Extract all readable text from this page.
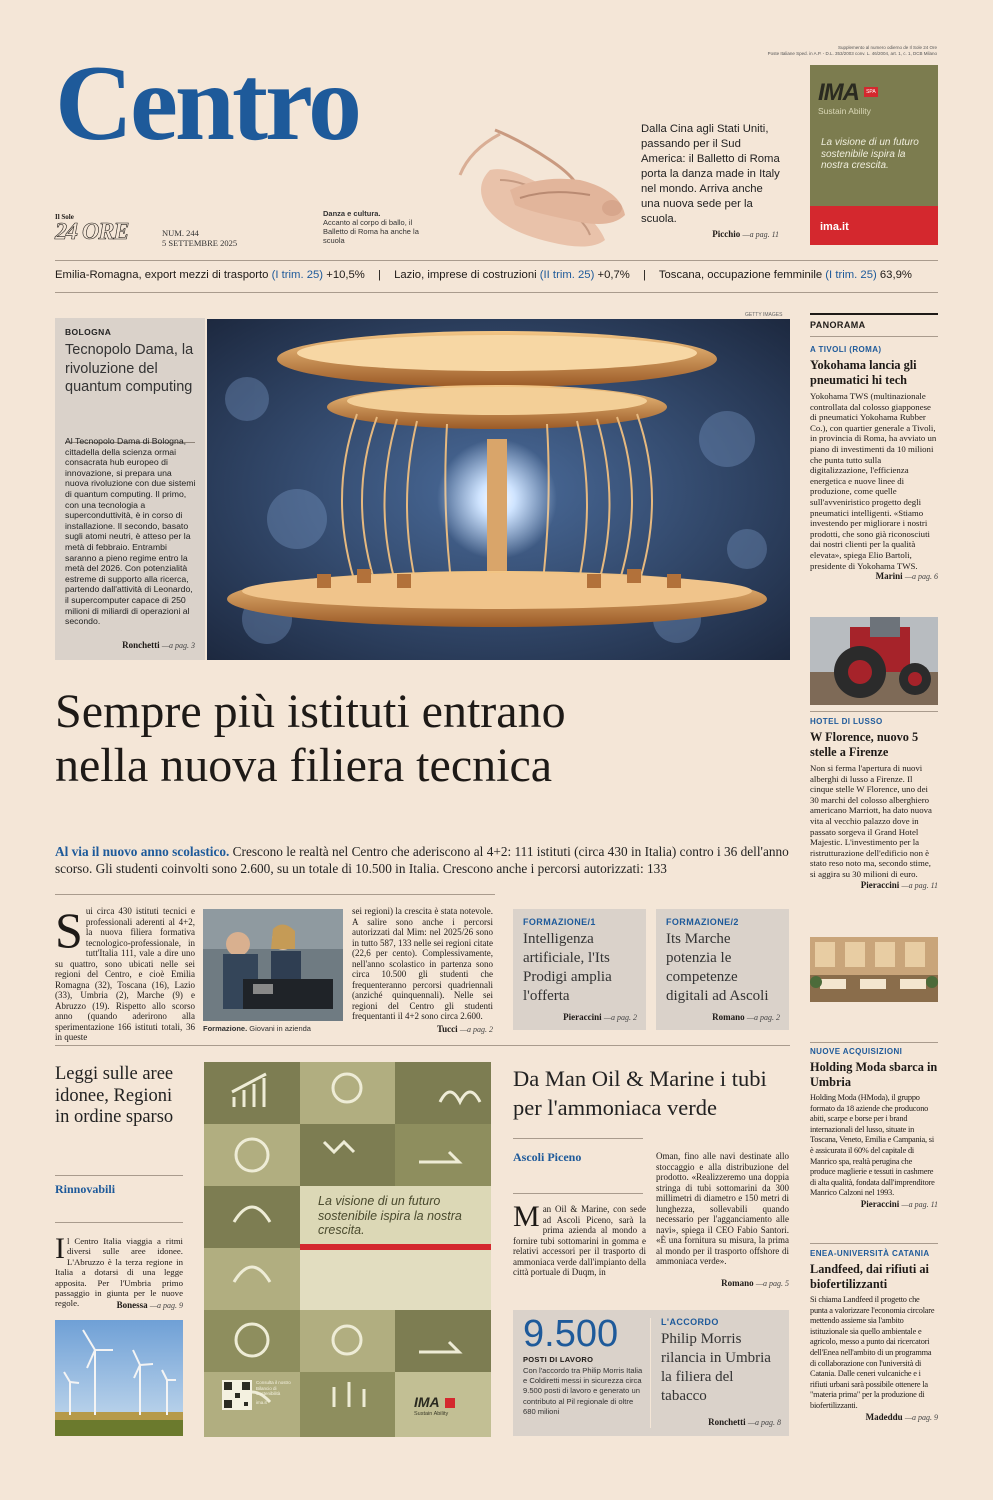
Supplemento al numero odierno de Il Sole 24 Ore
Poste Italiane Sped. in A.P. - D.L. 353/2003 conv. L. 46/2004, art. 1, c. 1, DCB Milano
Centro
Il Sole
24 ORE	NUM. 244
5 SETTEMBRE 2025
Danza e cultura.
Accanto al corpo di ballo, il Balletto di Roma ha anche la scuola
Dalla Cina agli Stati Uniti, passando per il Sud America: il Balletto di Roma porta la danza made in Italy nel mondo. Arriva anche una nuova sede per la scuola.
Picchio —a pag. 11
IMA SPA
Sustain Ability
La visione di un futuro sostenibile ispira la nostra crescita.
ima.it
Emilia-Romagna, export mezzi di trasporto (I trim. 25) +10,5% | Lazio, imprese di costruzioni (II trim. 25) +0,7% | Toscana, occupazione femminile (I trim. 25) 63,9%
BOLOGNA
Tecnopolo Dama, la rivoluzione del quantum computing
Al Tecnopolo Dama di Bologna, cittadella della scienza ormai consacrata hub europeo di innovazione, si prepara una nuova rivoluzione con due sistemi di quantum computing. Il primo, con una tecnologia a superconduttività, è in corso di installazione. Il secondo, basato sugli atomi neutri, è atteso per la metà di febbraio. Entrambi saranno a pieno regime entro la metà del 2026. Con potenzialità estreme di supporto alla ricerca, partendo dall'attività di Leonardo, il supercomputer capace di 250 milioni di miliardi di operazioni al secondo.
Ronchetti —a pag. 3
GETTY IMAGES
Sempre più istituti entrano
nella nuova filiera tecnica
Al via il nuovo anno scolastico. Crescono le realtà nel Centro che aderiscono al 4+2: 111 istituti (circa 430 in Italia) contro i 36 dell'anno scorso. Gli studenti coinvolti sono 2.600, su un totale di 10.500 in Italia. Crescono anche i percorsi autorizzati: 133
S ui circa 430 istituti tecnici e professionali aderenti al 4+2, la nuova filiera formativa tecnologico-professionale, in tutt'Italia 111, vale a dire uno su quattro, sono ubicati nelle sei regioni del Centro, e cioè Emilia Romagna (32), Toscana (16), Lazio (33), Umbria (2), Marche (9) e Abruzzo (19). Rispetto allo scorso anno (quando aderirono alla sperimentazione 166 istituti totali, 36 in queste
Formazione. Giovani in azienda
sei regioni) la crescita è stata notevole. A salire sono anche i percorsi autorizzati dal Mim: nel 2025/26 sono in tutto 587, 133 nelle sei regioni citate (22,6 per cento). Complessivamente, nell'anno scolastico in partenza sono circa 10.500 gli studenti che frequenteranno percorsi quadriennali (anziché quinquennali). Nelle sei regioni del Centro gli studenti frequentanti il 4+2 sono circa 2.600.
Tucci —a pag. 2
FORMAZIONE/1
Intelligenza artificiale, l'Its Prodigi amplia l'offerta
Pieraccini —a pag. 2
FORMAZIONE/2
Its Marche potenzia le competenze digitali ad Ascoli
Romano —a pag. 2
Leggi sulle aree idonee, Regioni in ordine sparso
Rinnovabili
I l Centro Italia viaggia a ritmi diversi sulle aree idonee. L'Abruzzo è la terza regione in Italia a dotarsi di una legge apposita. Per l'Umbria primo passaggio in giunta per le nuove regole.	Bonessa —a pag. 9
La visione di un futuro sostenibile ispira la nostra crescita.
Consulta il nostro Bilancio di Sostenibilità
ima.it	IMA
Sustain Ability
Da Man Oil & Marine i tubi per l'ammoniaca verde
Ascoli Piceno
M an Oil & Marine, con sede ad Ascoli Piceno, sarà la prima azienda al mondo a fornire tubi sottomarini in gomma e relativi accessori per il trasporto di ammoniaca verde dall'impianto della città portuale di Duqm, in
Oman, fino alle navi destinate allo stoccaggio e alla distribuzione del prodotto. «Realizzeremo una doppia stringa di tubi sottomarini da 300 millimetri di diametro e 150 metri di lunghezza, sollevabili quando necessario per l'agganciamento alle navi», spiega il CEO Fabio Santori. «È una fornitura su misura, la prima al mondo per il trasporto offshore di ammoniaca verde».
Romano —a pag. 5
9.500
POSTI DI LAVORO
Con l'accordo tra Philip Morris Italia e Coldiretti messi in sicurezza circa 9.500 posti di lavoro e generato un contributo al Pil regionale di oltre 680 milioni
L'ACCORDO
Philip Morris rilancia in Umbria la filiera del tabacco
Ronchetti —a pag. 8
PANORAMA
A TIVOLI (ROMA)
Yokohama lancia gli pneumatici hi tech
Yokohama TWS (multinazionale controllata dal colosso giapponese di pneumatici Yokohama Rubber Co.), con quartier generale a Tivoli, in provincia di Roma, ha avviato un piano di investimenti da 10 milioni che punta tutto sulla digitalizzazione, l'efficienza energetica e nuove linee di produzione, come quelle sull'avveniristico progetto degli pneumatici intelligenti. «Stiamo investendo per migliorare i nostri prodotti, che sono già riconosciuti dai nostri clienti per la qualità elevata», spiega Elio Bartoli, presidente di Yokohama TWS.
Marini —a pag. 6
HOTEL DI LUSSO
W Florence, nuovo 5 stelle a Firenze
Non si ferma l'apertura di nuovi alberghi di lusso a Firenze. Il cinque stelle W Florence, uno dei 30 marchi del colosso alberghiero americano Marriott, ha dato nuova vita al vecchio palazzo dove in passato sorgeva il Grand Hotel Majestic. L'investimento per la ristrutturazione dell'edificio non è stato reso noto ma, secondo stime, si aggira su 30 milioni di euro.
Pieraccini —a pag. 11
NUOVE ACQUISIZIONI
Holding Moda sbarca in Umbria
Holding Moda (HModa), il gruppo formato da 18 aziende che producono abiti, scarpe e borse per i brand internazionali del lusso, situate in Toscana, Veneto, Emilia e Campania, si è assicurata il 60% del capitale di Manrico spa, realtà perugina che produce maglierie e tessuti in cashmere di alta qualità, fondata dall'imprenditore Manrico Calzoni nel 1993.
Pieraccini —a pag. 11
ENEA-UNIVERSITÀ CATANIA
Landfeed, dai rifiuti ai biofertilizzanti
Si chiama Landfeed il progetto che punta a valorizzare l'economia circolare mettendo assieme sia l'ambito istituzionale sia quello ambientale e agricolo, messo a punto dai ricercatori dell'Enea nell'ambito di un programma di collaborazione con l'università di Catania. Dalle ceneri vulcaniche e i rifiuti urbani sarà possibile ottenere la "materia prima" per la produzione di biofertilizzanti.
Madeddu —a pag. 9
